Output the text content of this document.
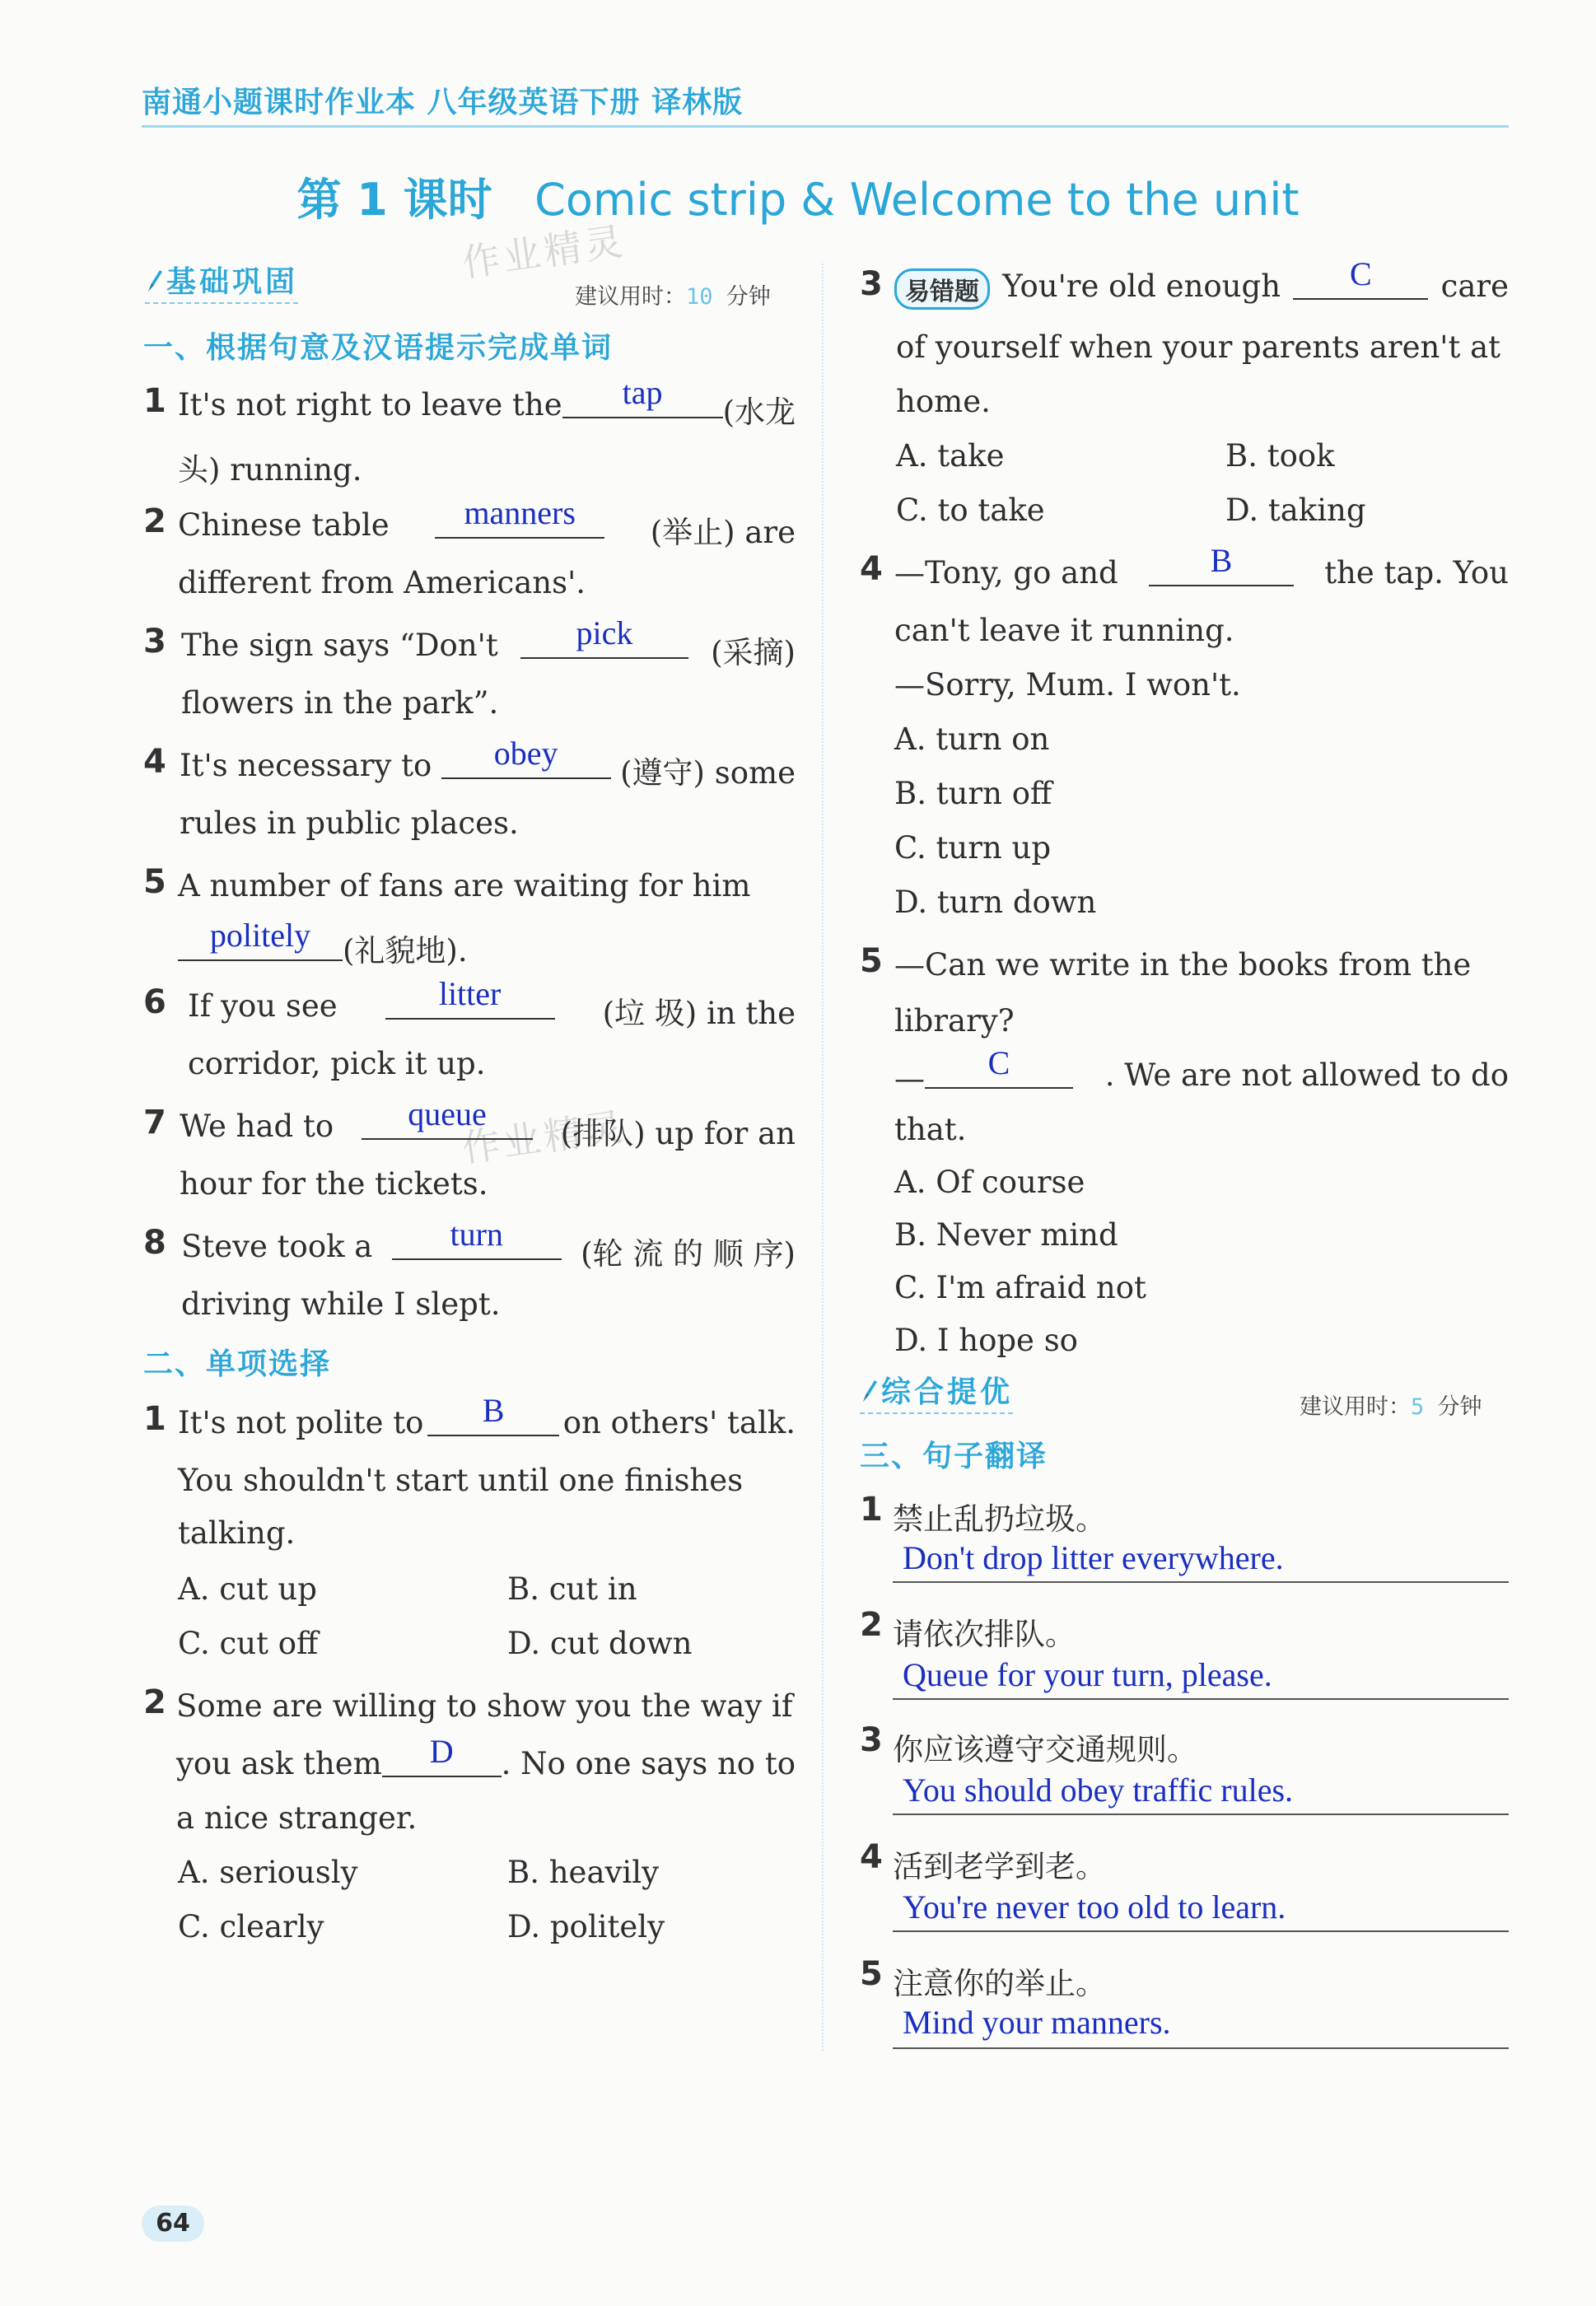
南通小题课时作业本 八年级英语下册 译林版
第 1 课时 Comic strip & Welcome to the unit
作业精灵
作业精灵
基础巩固	建议用时：10 分钟
一、根据句意及汉语提示完成单词
1 It's not right to leave the	tap
(水龙
头) running.
2 Chinese table	manners
(举止) are
different from Americans'.
3 The sign says “Don't	pick
(采摘)
flowers in the park”.
4 It's necessary to	obey
(遵守) some
rules in public places.
5 A number of fans are waiting for him
politely	(礼貌地).
6 If you see	litter
(垃 圾) in the
corridor, pick it up.
7 We had to	queue
(排队) up for an
hour for the tickets.
8 Steve took a	turn
(轮 流 的 顺 序)
driving while I slept.
二、单项选择
1 It's not polite to	B	on others' talk.
You shouldn't start until one finishes
talking.
A. cut up	B. cut in
C. cut off	D. cut down
2 Some are willing to show you the way if
you ask them	D	. No one says no to
a nice stranger.
A. seriously	B. heavily
C. clearly	D. politely
3 易错题 You're old enough	C	care
of yourself when your parents aren't at
home.
A. take	B. took
C. to take	D. taking
4 —Tony, go and	B	the tap. You
can't leave it running.
—Sorry, Mum. I won't.
A. turn on
B. turn off
C. turn up
D. turn down
5 —Can we write in the books from the
library?
—	C	. We are not allowed to do
that.
A. Of course
B. Never mind
C. I'm afraid not
D. I hope so
综合提优	建议用时：5 分钟
三、句子翻译
1 禁止乱扔垃圾。
Don't drop litter everywhere.
2 请依次排队。
Queue for your turn, please.
3 你应该遵守交通规则。
You should obey traffic rules.
4 活到老学到老。
You're never too old to learn.
5 注意你的举止。
Mind your manners.
64
